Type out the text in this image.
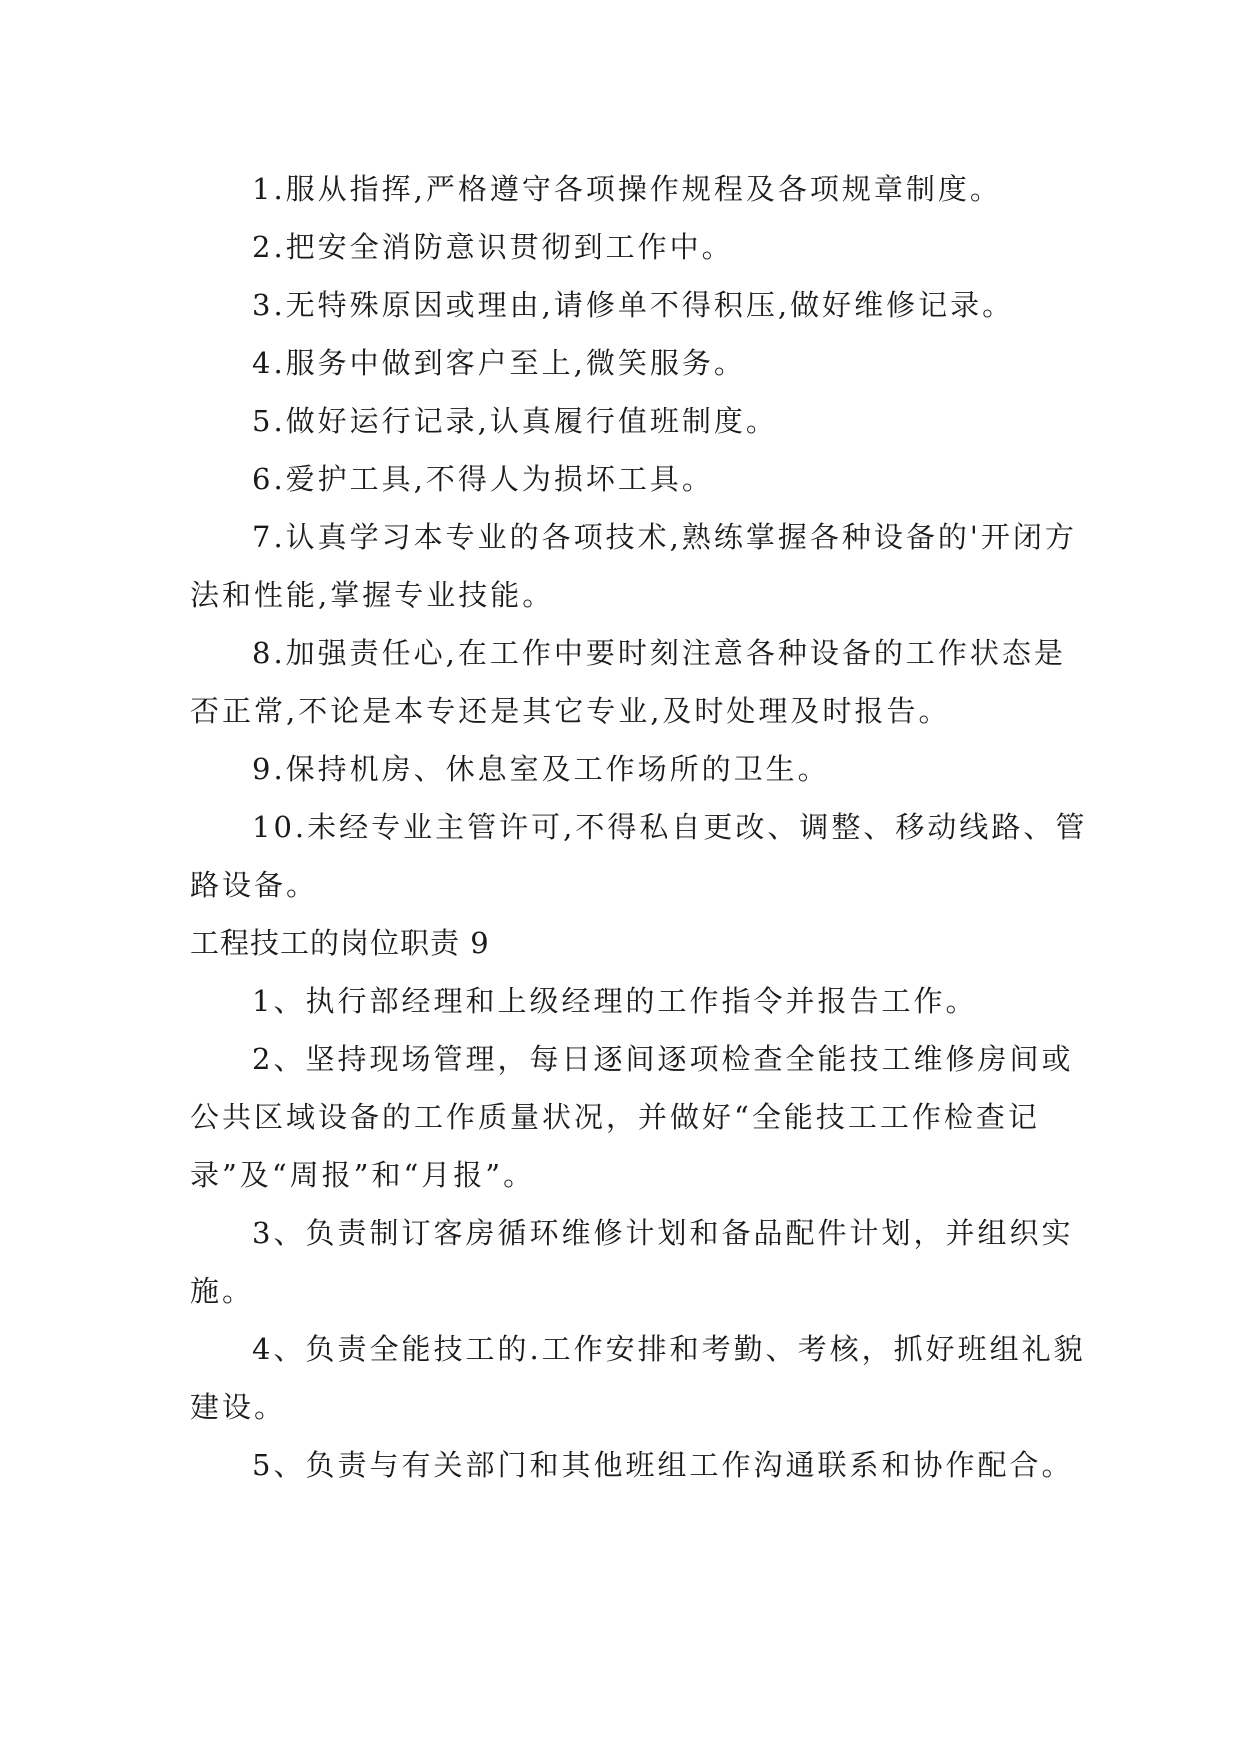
1.服从指挥,严格遵守各项操作规程及各项规章制度。

2.把安全消防意识贯彻到工作中。

3.无特殊原因或理由,请修单不得积压,做好维修记录。

4.服务中做到客户至上,微笑服务。

5.做好运行记录,认真履行值班制度。

6.爱护工具,不得人为损坏工具。

7.认真学习本专业的各项技术,熟练掌握各种设备的'开闭方法和性能,掌握专业技能。

8.加强责任心,在工作中要时刻注意各种设备的工作状态是否正常,不论是本专还是其它专业,及时处理及时报告。

9.保持机房、休息室及工作场所的卫生。

10.未经专业主管许可,不得私自更改、调整、移动线路、管路设备。

工程技工的岗位职责 9

1、执行部经理和上级经理的工作指令并报告工作。

2、坚持现场管理，每日逐间逐项检查全能技工维修房间或公共区域设备的工作质量状况，并做好“全能技工工作检查记录”及“周报”和“月报”。

3、负责制订客房循环维修计划和备品配件计划，并组织实施。

4、负责全能技工的.工作安排和考勤、考核，抓好班组礼貌建设。

5、负责与有关部门和其他班组工作沟通联系和协作配合。
